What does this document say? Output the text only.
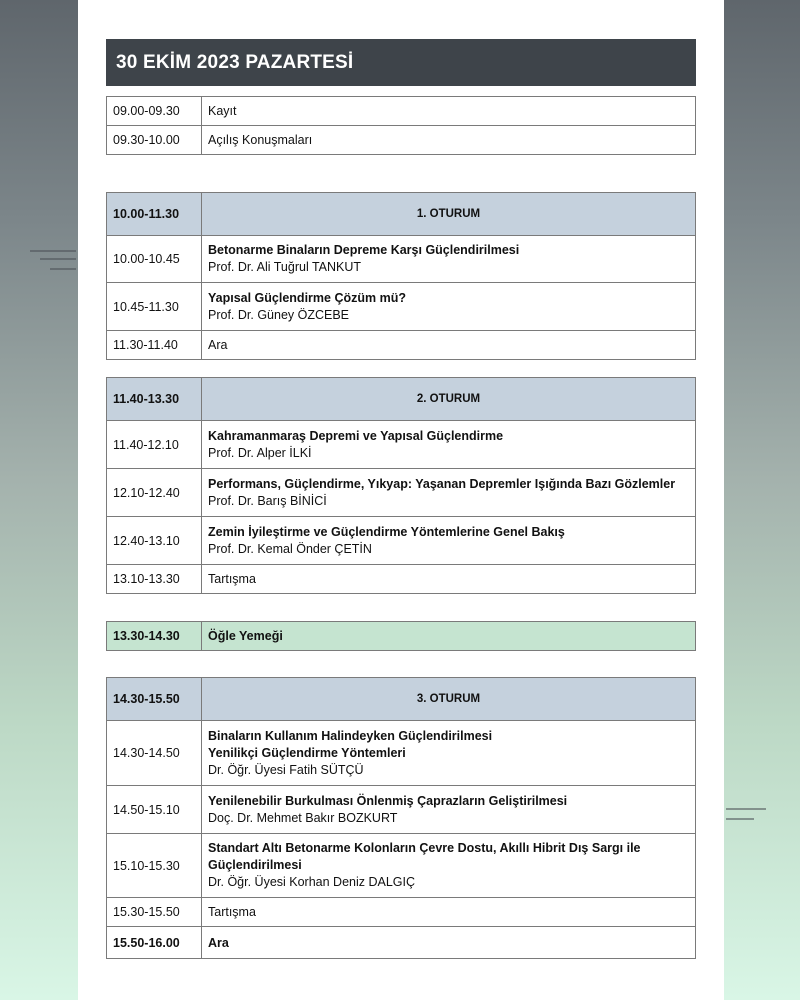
30 EKİM 2023 PAZARTESİ
09.00-09.30	Kayıt
09.30-10.00	Açılış Konuşmaları
10.00-11.30	1. OTURUM
10.00-10.45	Betonarme Binaların Depreme Karşı Güçlendirilmesi
Prof. Dr. Ali Tuğrul TANKUT

10.45-11.30	Yapısal Güçlendirme Çözüm mü?
Prof. Dr. Güney ÖZCEBE

11.30-11.40	Ara
11.40-13.30	2. OTURUM
11.40-12.10	Kahramanmaraş Depremi ve Yapısal Güçlendirme
Prof. Dr. Alper İLKİ

12.10-12.40	Performans, Güçlendirme, Yıkyap: Yaşanan Depremler Işığında Bazı Gözlemler
Prof. Dr. Barış BİNİCİ

12.40-13.10	Zemin İyileştirme ve Güçlendirme Yöntemlerine Genel Bakış
Prof. Dr. Kemal Önder ÇETİN

13.10-13.30	Tartışma
13.30-14.30	Öğle Yemeği
14.30-15.50	3. OTURUM
14.30-14.50	Binaların Kullanım Halindeyken Güçlendirilmesi
Yenilikçi Güçlendirme Yöntemleri
Dr. Öğr. Üyesi Fatih SÜTÇÜ

14.50-15.10	Yenilenebilir Burkulması Önlenmiş Çaprazların Geliştirilmesi
Doç. Dr. Mehmet Bakır BOZKURT

15.10-15.30	Standart Altı Betonarme Kolonların Çevre Dostu, Akıllı Hibrit Dış Sargı ile
Güçlendirilmesi
Dr. Öğr. Üyesi Korhan Deniz DALGIÇ

15.30-15.50	Tartışma
15.50-16.00	Ara
